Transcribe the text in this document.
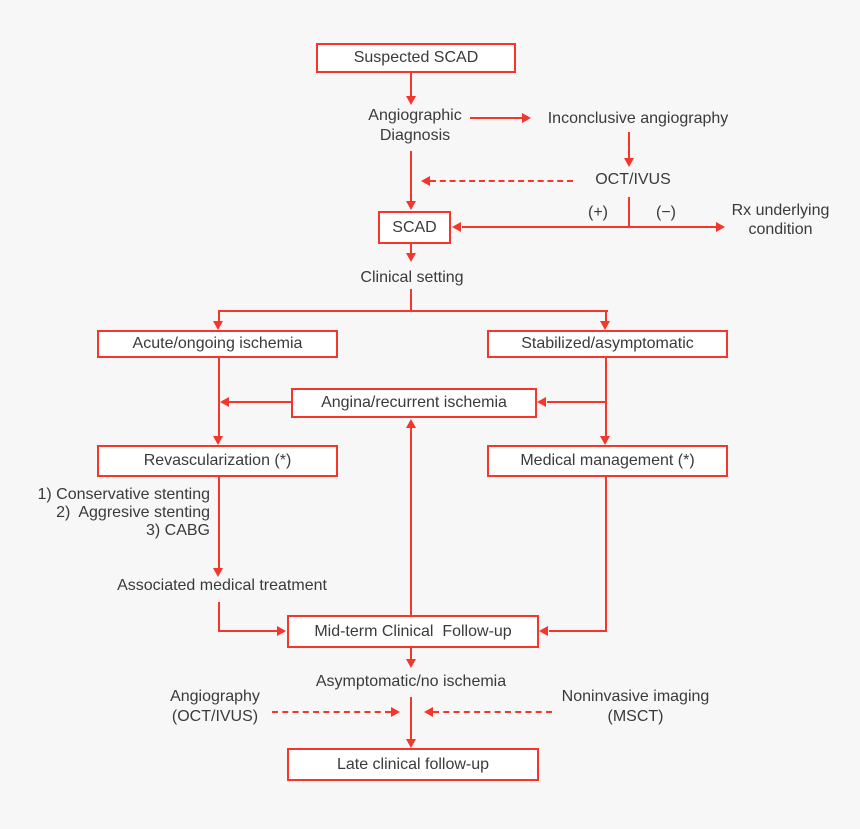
Suspected SCAD
SCAD
Acute/ongoing ischemia	Stabilized/asymptomatic
Angina/recurrent ischemia
Revascularization (*)	Medical management (*)
Mid-term Clinical  Follow-up
Late clinical follow-up
Angiographic
Diagnosis
Inconclusive angiography
OCT/IVUS
(+)	(−)	Rx underlying
condition
Clinical setting
1) Conservative stenting
2)  Aggresive stenting
3) CABG
Associated medical treatment
Asymptomatic/no ischemia
Angiography
(OCT/IVUS)
Noninvasive imaging
(MSCT)
